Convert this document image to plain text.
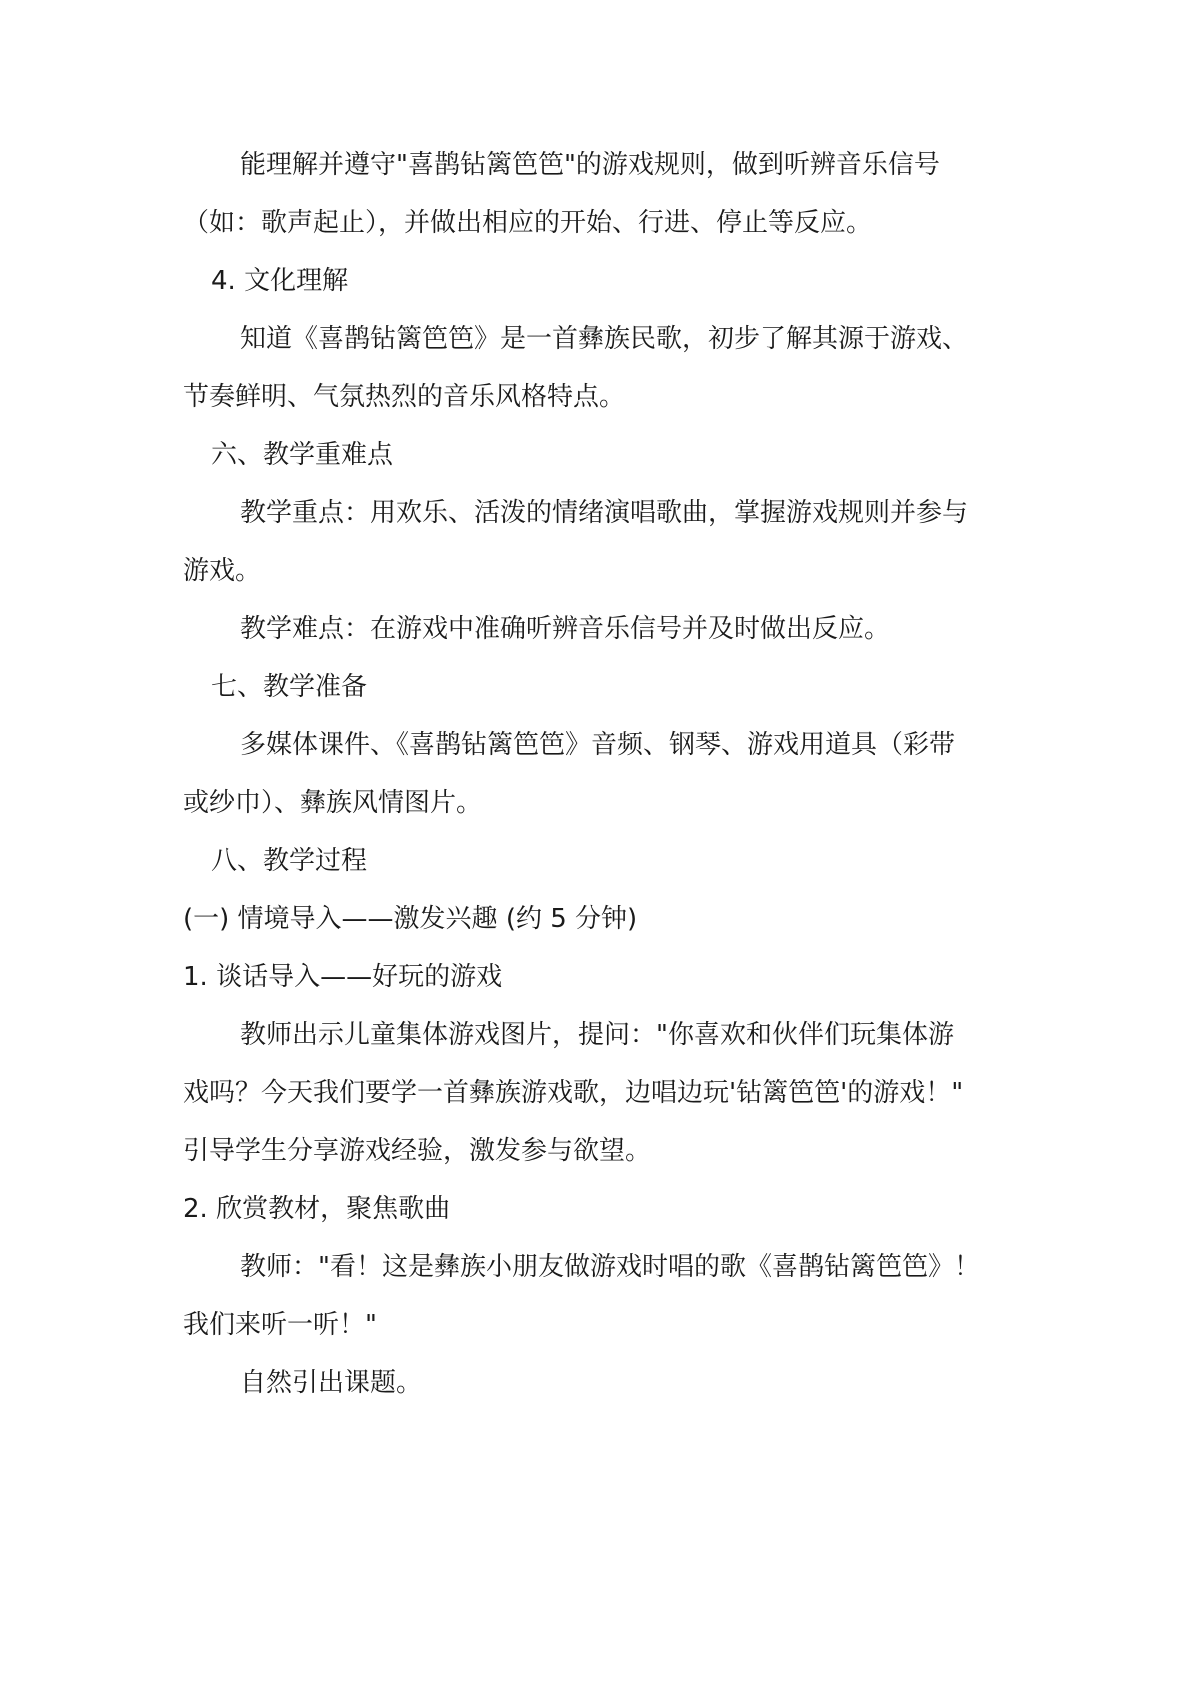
能理解并遵守"喜鹊钻篱笆笆"的游戏规则，做到听辨音乐信号
（如：歌声起止），并做出相应的开始、行进、停止等反应。
4. 文化理解
知道《喜鹊钻篱笆笆》是一首彝族民歌，初步了解其源于游戏、
节奏鲜明、气氛热烈的音乐风格特点。
六、教学重难点
教学重点：用欢乐、活泼的情绪演唱歌曲，掌握游戏规则并参与
游戏。
教学难点：在游戏中准确听辨音乐信号并及时做出反应。
七、教学准备
多媒体课件、《喜鹊钻篱笆笆》音频、钢琴、游戏用道具（彩带
或纱巾）、彝族风情图片。
八、教学过程
(一) 情境导入——激发兴趣 (约 5 分钟)
1. 谈话导入——好玩的游戏
教师出示儿童集体游戏图片，提问："你喜欢和伙伴们玩集体游
戏吗？今天我们要学一首彝族游戏歌，边唱边玩'钻篱笆笆'的游戏！"
引导学生分享游戏经验，激发参与欲望。
2. 欣赏教材，聚焦歌曲
教师："看！这是彝族小朋友做游戏时唱的歌《喜鹊钻篱笆笆》！
我们来听一听！"
自然引出课题。
